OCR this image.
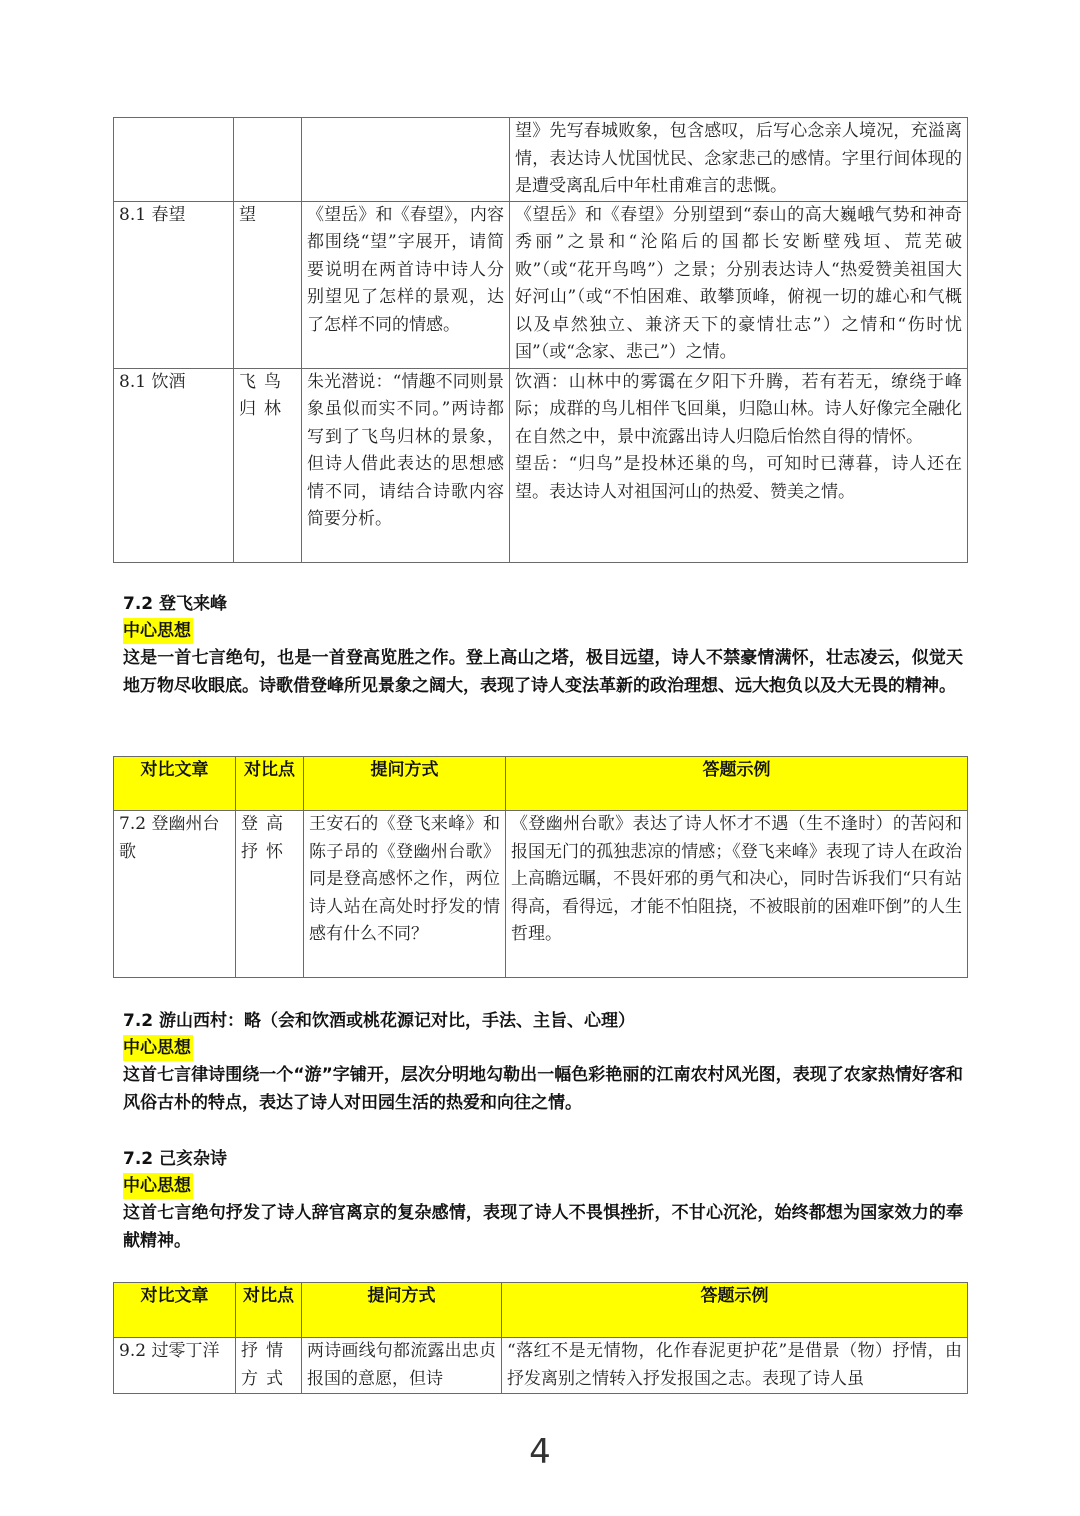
			望》先写春城败象，包含感叹，后写心念亲人境况，充溢离情，表达诗人忧国忧民、念家悲己的感情。字里行间体现的是遭受离乱后中年杜甫难言的悲慨。
8.1 春望	望	《望岳》和《春望》，内容都围绕“望”字展开，请简要说明在两首诗中诗人分别望见了怎样的景观，达了怎样不同的情感。	《望岳》和《春望》分别望到“泰山的高大巍峨气势和神奇秀丽”之景和“沦陷后的国都长安断壁残垣、荒芜破败”（或“花开鸟鸣”）之景；分别表达诗人“热爱赞美祖国大好河山”（或“不怕困难、敢攀顶峰，俯视一切的雄心和气概以及卓然独立、兼济天下的豪情壮志”）之情和“伤时忧国”（或“念家、悲己”）之情。
8.1 饮酒	飞鸟归林	朱光潜说：“情趣不同则景象虽似而实不同。”两诗都写到了飞鸟归林的景象，但诗人借此表达的思想感情不同，请结合诗歌内容简要分析。	饮酒：山林中的雾霭在夕阳下升腾，若有若无，缭绕于峰际；成群的鸟儿相伴飞回巢，归隐山林。诗人好像完全融化在自然之中，景中流露出诗人归隐后怡然自得的情怀。
望岳：“归鸟”是投林还巢的鸟，可知时已薄暮，诗人还在望。表达诗人对祖国河山的热爱、赞美之情。
7.2 登飞来峰
中心思想
这是一首七言绝句，也是一首登高览胜之作。登上高山之塔，极目远望，诗人不禁豪情满怀，壮志凌云，似觉天地万物尽收眼底。诗歌借登峰所见景象之阔大，表现了诗人变法革新的政治理想、远大抱负以及大无畏的精神。
对比文章	对比点	提问方式	答题示例
7.2 登幽州台歌	登高抒怀	王安石的《登飞来峰》和陈子昂的《登幽州台歌》同是登高感怀之作，两位诗人站在高处时抒发的情感有什么不同？	《登幽州台歌》表达了诗人怀才不遇（生不逢时）的苦闷和报国无门的孤独悲凉的情感；《登飞来峰》表现了诗人在政治上高瞻远瞩，不畏奸邪的勇气和决心，同时告诉我们“只有站得高，看得远，才能不怕阻挠，不被眼前的困难吓倒”的人生哲理。
7.2 游山西村：略（会和饮酒或桃花源记对比，手法、主旨、心理）
中心思想
这首七言律诗围绕一个“游”字铺开，层次分明地勾勒出一幅色彩艳丽的江南农村风光图，表现了农家热情好客和风俗古朴的特点，表达了诗人对田园生活的热爱和向往之情。
7.2 己亥杂诗
中心思想
这首七言绝句抒发了诗人辞官离京的复杂感情，表现了诗人不畏惧挫折，不甘心沉沦，始终都想为国家效力的奉献精神。
对比文章	对比点	提问方式	答题示例
9.2 过零丁洋	抒情方式	两诗画线句都流露出忠贞报国的意愿，但诗	“落红不是无情物，化作春泥更护花”是借景（物）抒情，由抒发离别之情转入抒发报国之志。表现了诗人虽
4
